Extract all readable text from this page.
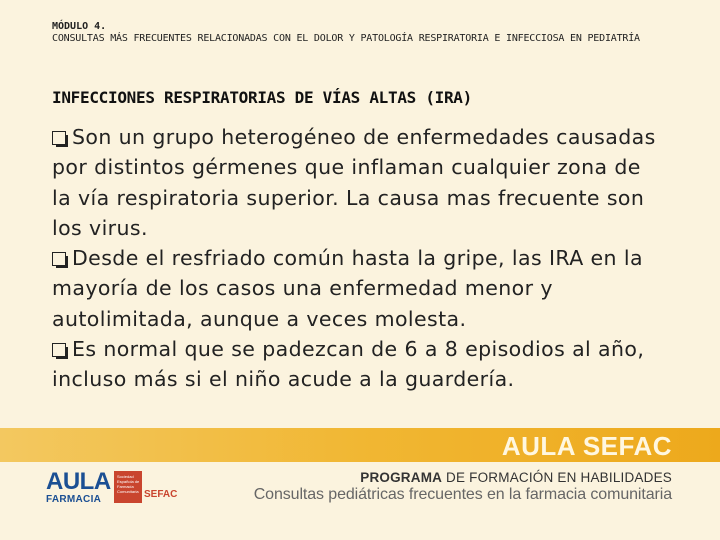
MÓDULO 4.
CONSULTAS MÁS FRECUENTES RELACIONADAS CON EL DOLOR Y PATOLOGÍA RESPIRATORIA E INFECCIOSA EN PEDIATRÍA
INFECCIONES RESPIRATORIAS DE VÍAS ALTAS (IRA)

Son un grupo heterogéneo de enfermedades causadas por distintos gérmenes que inflaman cualquier zona de la vía respiratoria superior. La causa mas frecuente son los virus.

Desde el resfriado común hasta la gripe, las IRA en la mayoría de los casos una enfermedad menor y autolimitada, aunque a veces molesta.

Es normal que se padezcan de 6 a 8 episodios al año, incluso más si el niño acude a la guardería.

AULA SEFAC
AULA
FARMACIA
Sociedad Española de Farmacia Comunitaria SEFAC
PROGRAMA DE FORMACIÓN EN HABILIDADES
Consultas pediátricas frecuentes en la farmacia comunitaria
